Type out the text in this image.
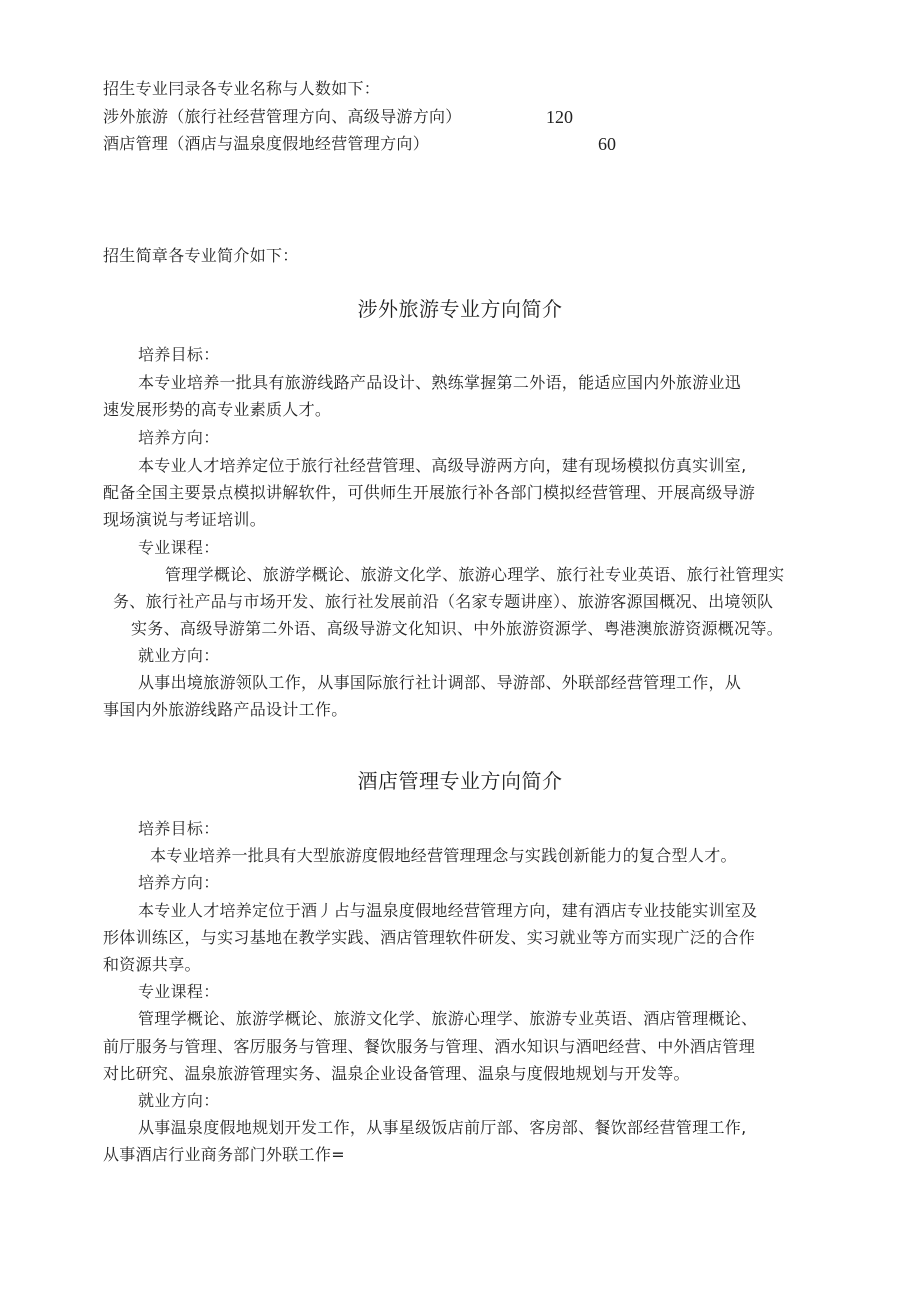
招生专业冃录各专业名称与人数如下：
涉外旅游（旅行社经营管理方向、高级导游方向）	120
酒店管理（酒店与温泉度假地经营管理方向）	60
招生简章各专业简介如下：
涉外旅游专业方向简介
培养目标：
本专业培养一批具有旅游线路产品设计、熟练掌握第二外语，能适应国内外旅游业迅
速发展形势的高专业素质人才。
培养方向：
本专业人才培养定位于旅行社经营管理、高级导游两方向，建有现场模拟仿真实训室,
配备全国主要景点模拟讲解软件，可供师生开展旅行补各部门模拟经营管理、开展高级导游
现场演说与考证培训。
专业课程：
管理学概论、旅游学概论、旅游文化学、旅游心理学、旅行社专业英语、旅行社管理实
务、旅行社产品与市场开发、旅行社发展前沿（名家专题讲座）、旅游客源国概况、出境领队
实务、高级导游第二外语、高级导游文化知识、中外旅游资源学、粤港澳旅游资源概况等。
就业方向：
从事出境旅游领队工作，从事国际旅行社计调部、导游部、外联部经营管理工作，从
事国内外旅游线路产品设计工作。
酒店管理专业方向简介
培养目标：
本专业培养一批具有大型旅游度假地经营管理理念与实践创新能力的复合型人才。
培养方向：
本专业人才培养定位于酒丿占与温泉度假地经营管理方向，建有酒店专业技能实训室及
形体训练区，与实习基地在教学实践、酒店管理软件研发、实习就业等方而实现广泛的合作
和资源共享。
专业课程：
管理学概论、旅游学概论、旅游文化学、旅游心理学、旅游专业英语、酒店管理概论、
前厅服务与管理、客厉服务与管理、餐饮服务与管理、酒水知识与酒吧经营、中外酒店管理
对比研究、温泉旅游管理实务、温泉企业设备管理、温泉与度假地规划与开发等。
就业方向：
从事温泉度假地规划开发工作，从事星级饭店前厅部、客房部、餐饮部经营管理工作,
从事酒店行业商务部门外联工作=
